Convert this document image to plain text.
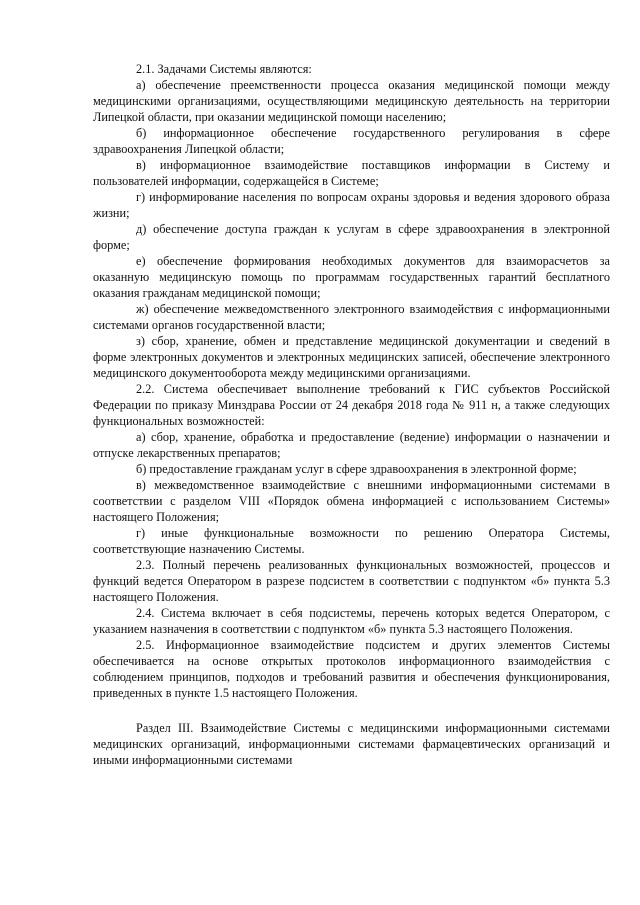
2.1. Задачами Системы являются:

а) обеспечение преемственности процесса оказания медицинской помощи между медицинскими организациями, осуществляющими медицинскую деятельность на территории Липецкой области, при оказании медицинской помощи населению;

б) информационное обеспечение государственного регулирования в сфере здравоохранения Липецкой области;

в) информационное взаимодействие поставщиков информации в Систему и пользователей информации, содержащейся в Системе;

г) информирование населения по вопросам охраны здоровья и ведения здорового образа жизни;

д) обеспечение доступа граждан к услугам в сфере здравоохранения в электронной форме;

е) обеспечение формирования необходимых документов для взаиморасчетов за оказанную медицинскую помощь по программам государственных гарантий бесплатного оказания гражданам медицинской помощи;

ж) обеспечение межведомственного электронного взаимодействия с информационными системами органов государственной власти;

з) сбор, хранение, обмен и представление медицинской документации и сведений в форме электронных документов и электронных медицинских записей, обеспечение электронного медицинского документооборота между медицинскими организациями.

2.2. Система обеспечивает выполнение требований к ГИС субъектов Российской Федерации по приказу Минздрава России от 24 декабря 2018 года № 911 н, а также следующих функциональных возможностей:

а) сбор, хранение, обработка и предоставление (ведение) информации о назначении и отпуске лекарственных препаратов;

б) предоставление гражданам услуг в сфере здравоохранения в электронной форме;

в) межведомственное взаимодействие с внешними информационными системами в соответствии с разделом VIII «Порядок обмена информацией с использованием Системы» настоящего Положения;

г) иные функциональные возможности по решению Оператора Системы, соответствующие назначению Системы.

2.3. Полный перечень реализованных функциональных возможностей, процессов и функций ведется Оператором в разрезе подсистем в соответствии с подпунктом «б» пункта 5.3 настоящего Положения.

2.4. Система включает в себя подсистемы, перечень которых ведется Оператором, с указанием назначения в соответствии с подпунктом «б» пункта 5.3 настоящего Положения.

2.5. Информационное взаимодействие подсистем и других элементов Системы обеспечивается на основе открытых протоколов информационного взаимодействия с соблюдением принципов, подходов и требований развития и обеспечения функционирования, приведенных в пункте 1.5 настоящего Положения.

Раздел III. Взаимодействие Системы с медицинскими информационными системами медицинских организаций, информационными системами фармацевтических организаций и иными информационными системами
